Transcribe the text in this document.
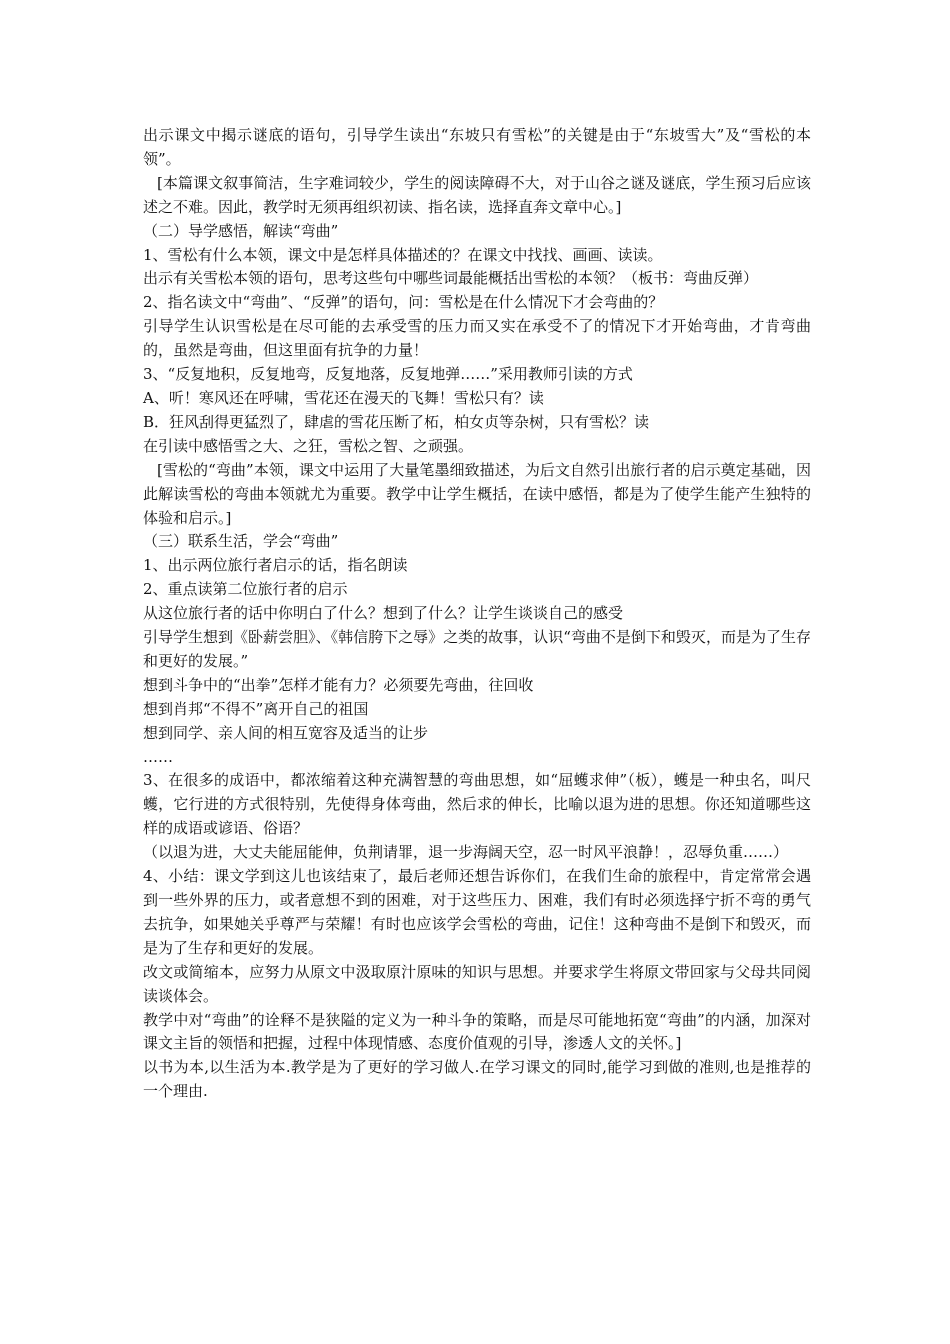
出示课文中揭示谜底的语句，引导学生读出“东坡只有雪松”的关键是由于“东坡雪大”及“雪松的本领”。

[本篇课文叙事简洁，生字难词较少，学生的阅读障碍不大，对于山谷之谜及谜底，学生预习后应该述之不难。因此，教学时无须再组织初读、指名读，选择直奔文章中心。]

（二）导学感悟，解读“弯曲”

1、雪松有什么本领，课文中是怎样具体描述的？在课文中找找、画画、读读。

出示有关雪松本领的语句，思考这些句中哪些词最能概括出雪松的本领？（板书：弯曲反弹）

2、指名读文中“弯曲”、“反弹”的语句，问：雪松是在什么情况下才会弯曲的？

引导学生认识雪松是在尽可能的去承受雪的压力而又实在承受不了的情况下才开始弯曲，才肯弯曲的，虽然是弯曲，但这里面有抗争的力量！

3、“反复地积，反复地弯，反复地落，反复地弹……”采用教师引读的方式

A、听！寒风还在呼啸，雪花还在漫天的飞舞！雪松只有？读

B．狂风刮得更猛烈了，肆虐的雪花压断了柘，柏女贞等杂树，只有雪松？读

在引读中感悟雪之大、之狂，雪松之智、之顽强。

[雪松的“弯曲”本领，课文中运用了大量笔墨细致描述，为后文自然引出旅行者的启示奠定基础，因此解读雪松的弯曲本领就尤为重要。教学中让学生概括，在读中感悟，都是为了使学生能产生独特的体验和启示。]

（三）联系生活，学会“弯曲”

1、出示两位旅行者启示的话，指名朗读

2、重点读第二位旅行者的启示

从这位旅行者的话中你明白了什么？想到了什么？让学生谈谈自己的感受

引导学生想到《卧薪尝胆》、《韩信胯下之辱》之类的故事，认识“弯曲不是倒下和毁灭，而是为了生存和更好的发展。”

想到斗争中的“出拳”怎样才能有力？必须要先弯曲，往回收

想到肖邦“不得不”离开自己的祖国

想到同学、亲人间的相互宽容及适当的让步

……

3、在很多的成语中，都浓缩着这种充满智慧的弯曲思想，如“屈蠖求伸”（板），蠖是一种虫名，叫尺蠖，它行进的方式很特别，先使得身体弯曲，然后求的伸长，比喻以退为进的思想。你还知道哪些这样的成语或谚语、俗语？

（以退为进，大丈夫能屈能伸，负荆请罪，退一步海阔天空，忍一时风平浪静！，忍辱负重……）

4、小结：课文学到这儿也该结束了，最后老师还想告诉你们，在我们生命的旅程中，肯定常常会遇到一些外界的压力，或者意想不到的困难，对于这些压力、困难，我们有时必须选择宁折不弯的勇气去抗争，如果她关乎尊严与荣耀！有时也应该学会雪松的弯曲，记住！这种弯曲不是倒下和毁灭，而是为了生存和更好的发展。

改文或简缩本，应努力从原文中汲取原汁原味的知识与思想。并要求学生将原文带回家与父母共同阅读谈体会。

教学中对“弯曲”的诠释不是狭隘的定义为一种斗争的策略，而是尽可能地拓宽“弯曲”的内涵，加深对课文主旨的领悟和把握，过程中体现情感、态度价值观的引导，渗透人文的关怀。]

以书为本,以生活为本.教学是为了更好的学习做人.在学习课文的同时,能学习到做的准则,也是推荐的一个理由.
